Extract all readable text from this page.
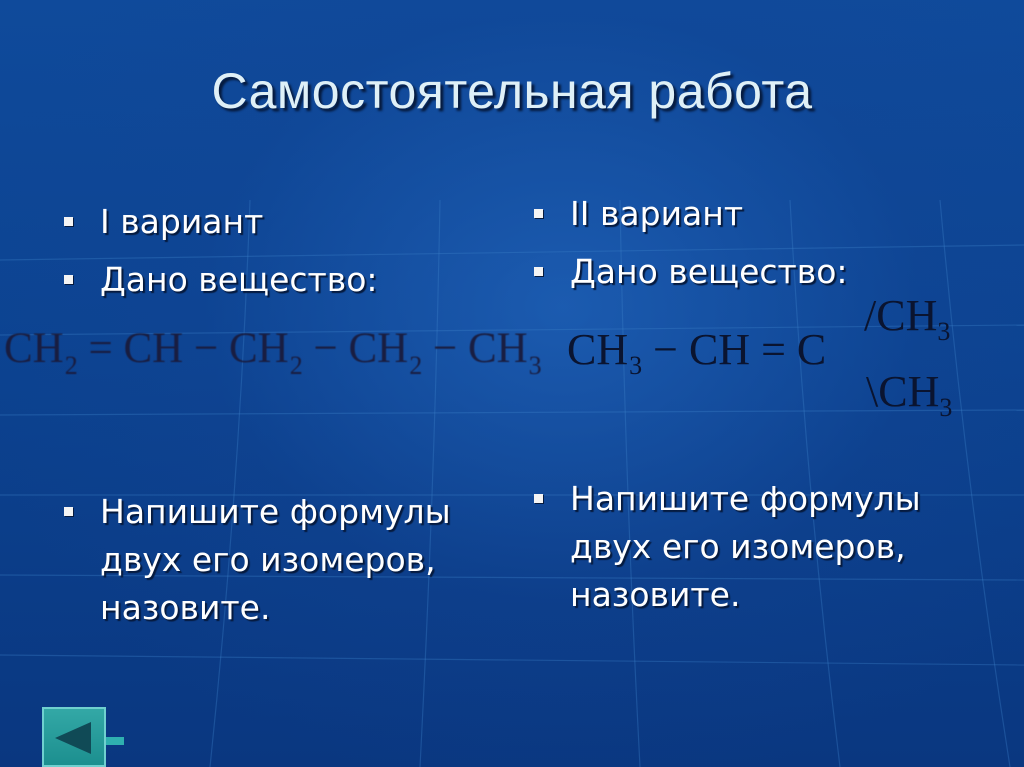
Самостоятельная работа
I вариант
Дано вещество:
II вариант
Дано вещество:
$CH_2$ = CH − $CH_2 - CH_2 - CH_3$ $CH_3$ − CH = C
$/CH_3$
$\backslash CH_3$
Напишите формулы двух его изомеров, назовите.
Напишите формулы двух его изомеров, назовите.
